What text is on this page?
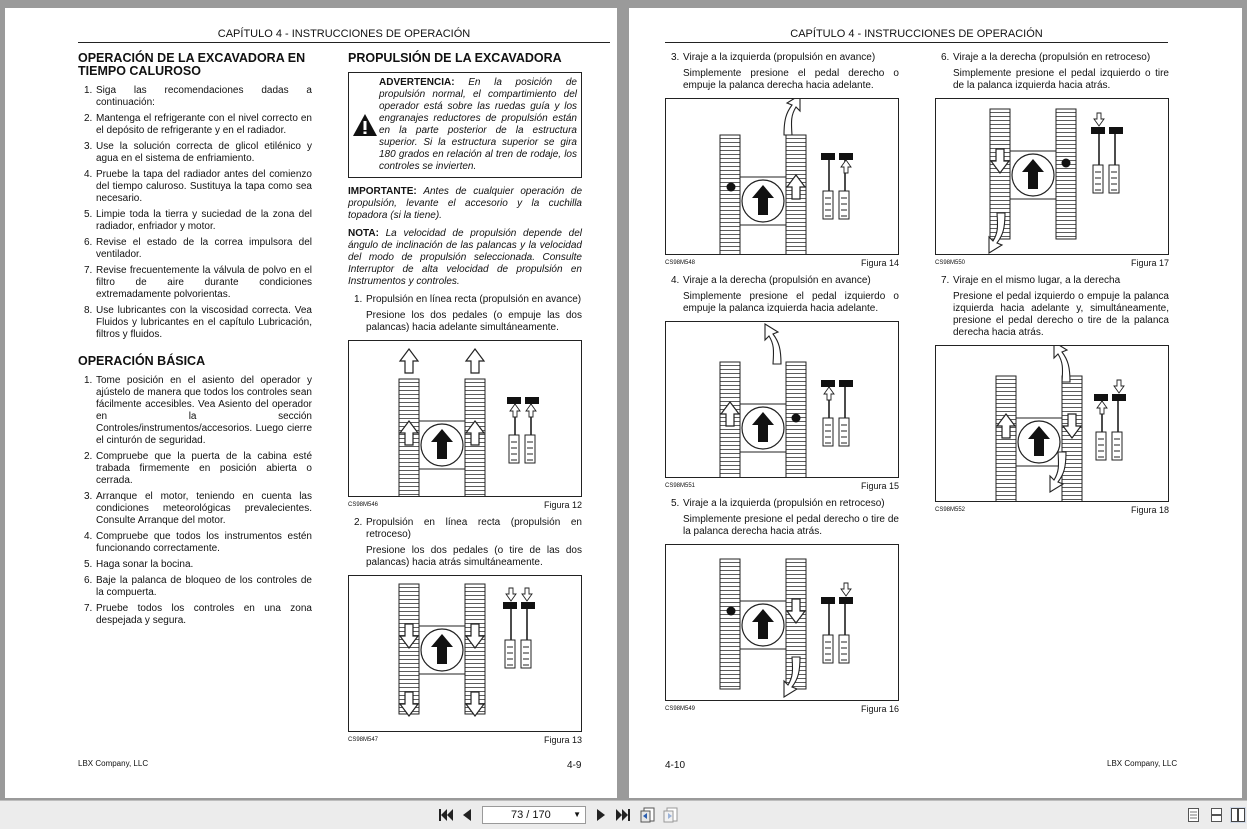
CAPÍTULO 4 - INSTRUCCIONES DE OPERACIÓN
OPERACIÓN DE LA EXCAVADORA EN
TIEMPO CALUROSO
1. Siga las recomendaciones dadas a continuación:
2. Mantenga el refrigerante con el nivel correcto en el depósito de refrigerante y en el radiador.
3. Use la solución correcta de glicol etilénico y agua en el sistema de enfriamiento.
4. Pruebe la tapa del radiador antes del comienzo del tiempo caluroso. Sustituya la tapa como sea necesario.
5. Limpie toda la tierra y suciedad de la zona del radiador, enfriador y motor.
6. Revise el estado de la correa impulsora del ventilador.
7. Revise frecuentemente la válvula de polvo en el filtro de aire durante condiciones extremadamente polvorientas.
8. Use lubricantes con la viscosidad correcta. Vea Fluidos y lubricantes en el capítulo Lubricación, filtros y fluidos.
OPERACIÓN BÁSICA
1. Tome posición en el asiento del operador y ajústelo de manera que todos los controles sean fácilmente accesibles. Vea Asiento del operador en la sección Controles/instrumentos/accesorios. Luego cierre el cinturón de seguridad.
2. Compruebe que la puerta de la cabina esté trabada firmemente en posición abierta o cerrada.
3. Arranque el motor, teniendo en cuenta las condiciones meteorológicas prevalecientes. Consulte Arranque del motor.
4. Compruebe que todos los instrumentos estén funcionando correctamente.
5. Haga sonar la bocina.
6. Baje la palanca de bloqueo de los controles de la compuerta.
7. Pruebe todos los controles en una zona despejada y segura.
PROPULSIÓN DE LA EXCAVADORA
ADVERTENCIA: En la posición de propulsión normal, el compartimiento del operador está sobre las ruedas guía y los engranajes reductores de propulsión están en la parte posterior de la estructura superior. Si la estructura superior se gira 180 grados en relación al tren de rodaje, los controles se invierten.
IMPORTANTE: Antes de cualquier operación de propulsión, levante el accesorio y la cuchilla topadora (si la tiene).
NOTA: La velocidad de propulsión depende del ángulo de inclinación de las palancas y la velocidad del modo de propulsión seleccionada. Consulte Interruptor de alta velocidad de propulsión en Instrumentos y controles.
1. Propulsión en línea recta (propulsión en avance)
Presione los dos pedales (o empuje las dos palancas) hacia adelante simultáneamente.
CS98M546	Figura 12
2. Propulsión en línea recta (propulsión en retroceso)
Presione los dos pedales (o tire de las dos palancas) hacia atrás simultáneamente.
CS98M547	Figura 13
LBX Company, LLC	4-9
CAPÍTULO 4 - INSTRUCCIONES DE OPERACIÓN
3. Viraje a la izquierda (propulsión en avance)
Simplemente presione el pedal derecho o empuje la palanca derecha hacia adelante.
CS98M548	Figura 14
4. Viraje a la derecha (propulsión en avance)
Simplemente presione el pedal izquierdo o empuje la palanca izquierda hacia adelante.
CS98M551	Figura 15
5. Viraje a la izquierda (propulsión en retroceso)
Simplemente presione el pedal derecho o tire de la palanca derecha hacia atrás.
CS98M549	Figura 16
6. Viraje a la derecha (propulsión en retroceso)
Simplemente presione el pedal izquierdo o tire de la palanca izquierda hacia atrás.
CS98M550	Figura 17
7. Viraje en el mismo lugar, a la derecha
Presione el pedal izquierdo o empuje la palanca izquierda hacia adelante y, simultáneamente, presione el pedal derecho o tire de la palanca derecha hacia atrás.
CS98M552	Figura 18
4-10	LBX Company, LLC
73 / 170	▼
